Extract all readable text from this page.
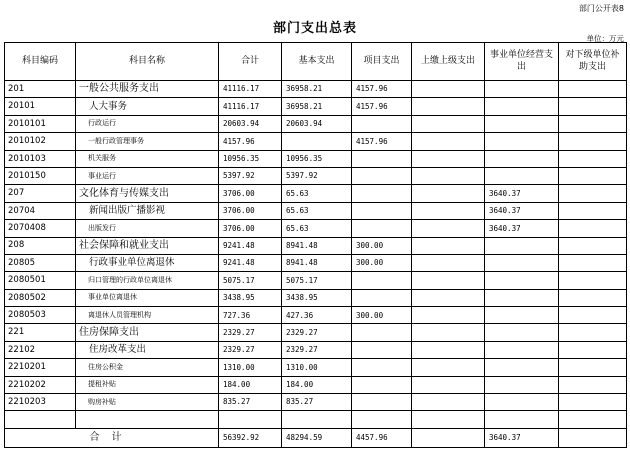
部门公开表8
部门支出总表
单位：万元
科目编码	科目名称	合计	基本支出	项目支出	上缴上级支出	事业单位经营支出	对下级单位补助支出
201	一般公共服务支出	41116.17	36958.21	4157.96			
20101	人大事务	41116.17	36958.21	4157.96			
2010101	行政运行	20603.94	20603.94				
2010102	一般行政管理事务	4157.96		4157.96			
2010103	机关服务	10956.35	10956.35				
2010150	事业运行	5397.92	5397.92				
207	文化体育与传媒支出	3706.00	65.63			3640.37	
20704	新闻出版广播影视	3706.00	65.63			3640.37	
2070408	出版发行	3706.00	65.63			3640.37	
208	社会保障和就业支出	9241.48	8941.48	300.00			
20805	行政事业单位离退休	9241.48	8941.48	300.00			
2080501	归口管理的行政单位离退休	5075.17	5075.17				
2080502	事业单位离退休	3438.95	3438.95				
2080503	离退休人员管理机构	727.36	427.36	300.00			
221	住房保障支出	2329.27	2329.27				
22102	住房改革支出	2329.27	2329.27				
2210201	住房公积金	1310.00	1310.00				
2210202	提租补贴	184.00	184.00				
2210203	购房补贴	835.27	835.27				

合计		56392.92	48294.59	4457.96		3640.37	
